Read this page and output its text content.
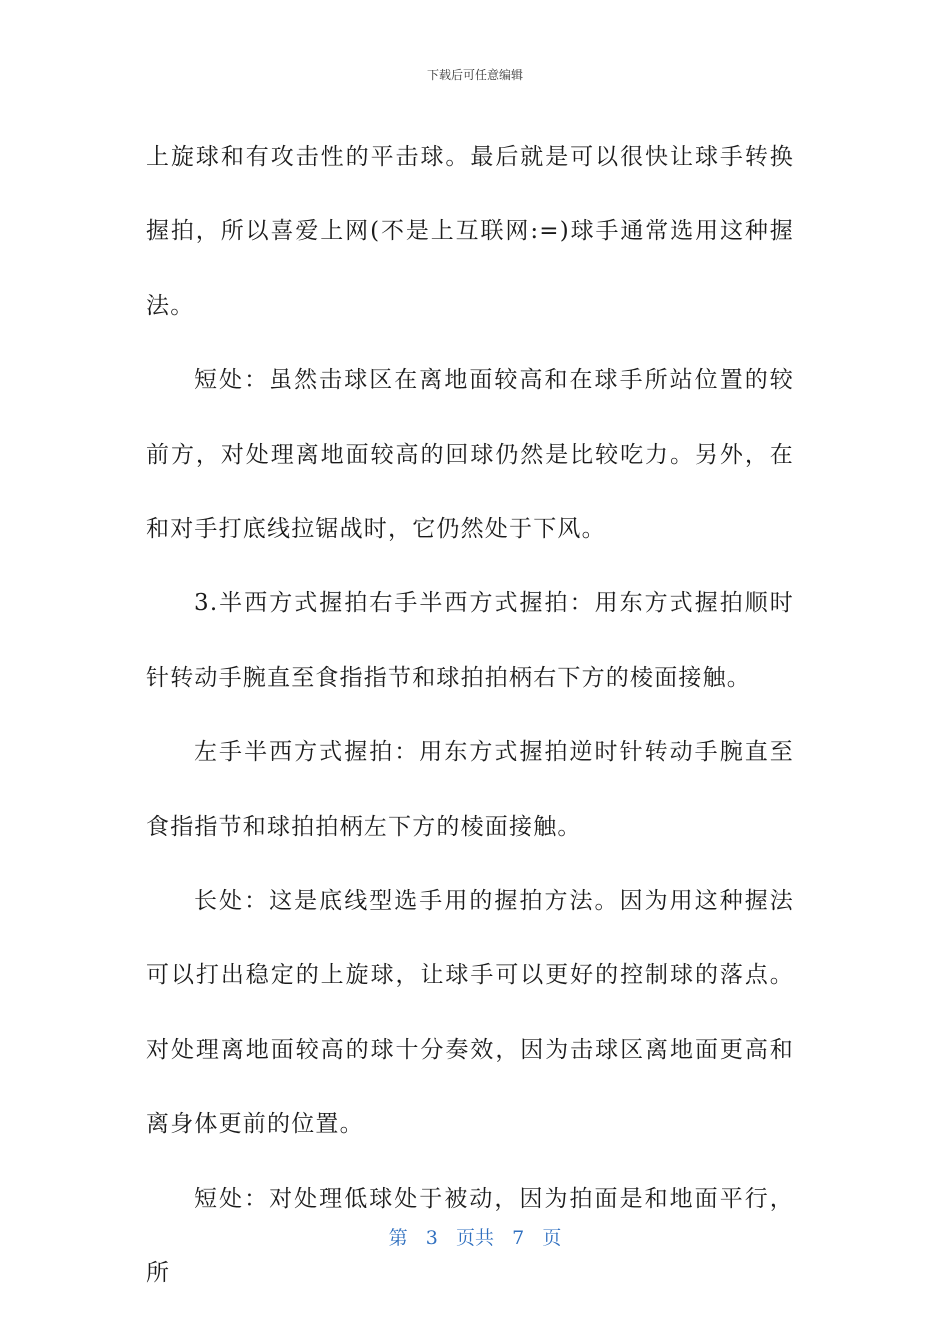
下载后可任意编辑

上旋球和有攻击性的平击球。最后就是可以很快让球手转换握拍，所以喜爱上网(不是上互联网:=)球手通常选用这种握法。

短处：虽然击球区在离地面较高和在球手所站位置的较前方，对处理离地面较高的回球仍然是比较吃力。另外，在和对手打底线拉锯战时，它仍然处于下风。

3.半西方式握拍右手半西方式握拍：用东方式握拍顺时针转动手腕直至食指指节和球拍拍柄右下方的棱面接触。

左手半西方式握拍：用东方式握拍逆时针转动手腕直至食指指节和球拍拍柄左下方的棱面接触。

长处：这是底线型选手用的握拍方法。因为用这种握法可以打出稳定的上旋球，让球手可以更好的控制球的落点。对处理离地面较高的球十分奏效，因为击球区离地面更高和离身体更前的位置。

短处：对处理低球处于被动，因为拍面是和地面平行，所

第 3 页共 7 页
